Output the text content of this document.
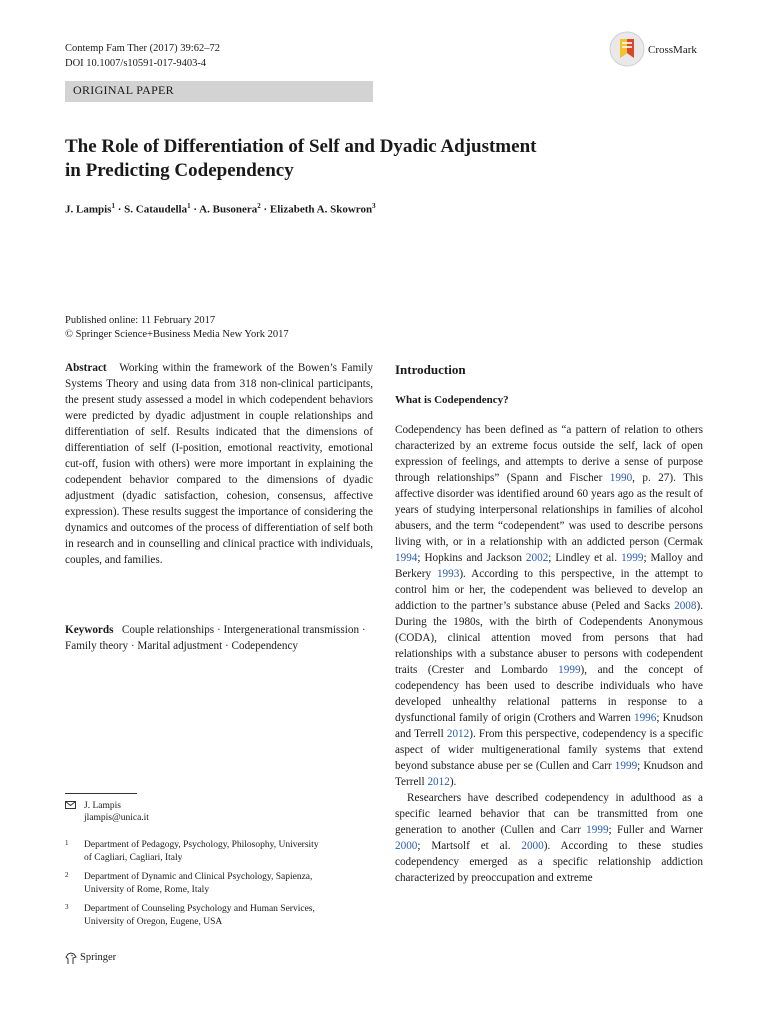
Contemp Fam Ther (2017) 39:62–72
DOI 10.1007/s10591-017-9403-4
CrossMark
ORIGINAL PAPER
The Role of Differentiation of Self and Dyadic Adjustment
in Predicting Codependency
J. Lampis$^1$ · S. Cataudella$^1$ · A. Busonera$^2$ · Elizabeth A. Skowron$^3$
Published online: 11 February 2017
© Springer Science+Business Media New York 2017

Abstract Working within the framework of the Bowen’s Family Systems Theory and using data from 318 non-clinical participants, the present study assessed a model in which codependent behaviors were predicted by dyadic adjustment in couple relationships and differentiation of self. Results indicated that the dimensions of differentiation of self (I-position, emotional reactivity, emotional cut-off, fusion with others) were more important in explaining the codependent behavior compared to the dimensions of dyadic adjustment (dyadic satisfaction, cohesion, consensus, affective expression). These results suggest the importance of considering the dynamics and outcomes of the process of differentiation of self both in research and in counselling and clinical practice with individuals, couples, and families.

Keywords Couple relationships · Intergenerational transmission · Family theory · Marital adjustment · Codependency

J. Lampis
jlampis@unica.it
1 Department of Pedagogy, Psychology, Philosophy, University
of Cagliari, Cagliari, Italy
2 Department of Dynamic and Clinical Psychology, Sapienza,
University of Rome, Rome, Italy
3 Department of Counseling Psychology and Human Services,
University of Oregon, Eugene, USA
Springer
Introduction
What is Codependency?

Codependency has been defined as “a pattern of relation to others characterized by an extreme focus outside the self, lack of open expression of feelings, and attempts to derive a sense of purpose through relationships” (Spann and Fischer 1990, p. 27). This affective disorder was identified around 60 years ago as the result of years of studying interpersonal relationships in families of alcohol abusers, and the term “codependent” was used to describe persons living with, or in a relationship with an addicted person (Cermak 1994; Hopkins and Jackson 2002; Lindley et al. 1999; Malloy and Berkery 1993). According to this perspective, in the attempt to control him or her, the codependent was believed to develop an addiction to the partner’s substance abuse (Peled and Sacks 2008). During the 1980s, with the birth of Codependents Anonymous (CODA), clinical attention moved from persons that had relationships with a substance abuser to persons with codependent traits (Crester and Lombardo 1999), and the concept of codependency has been used to describe individuals who have developed unhealthy relational patterns in response to a dysfunctional family of origin (Crothers and Warren 1996; Knudson and Terrell 2012). From this perspective, codependency is a specific aspect of wider multigenerational family systems that extend beyond substance abuse per se (Cullen and Carr 1999; Knudson and Terrell 2012).

Researchers have described codependency in adulthood as a specific learned behavior that can be transmitted from one generation to another (Cullen and Carr 1999; Fuller and Warner 2000; Martsolf et al. 2000). According to these studies codependency emerged as a specific relationship addiction characterized by preoccupation and extreme
